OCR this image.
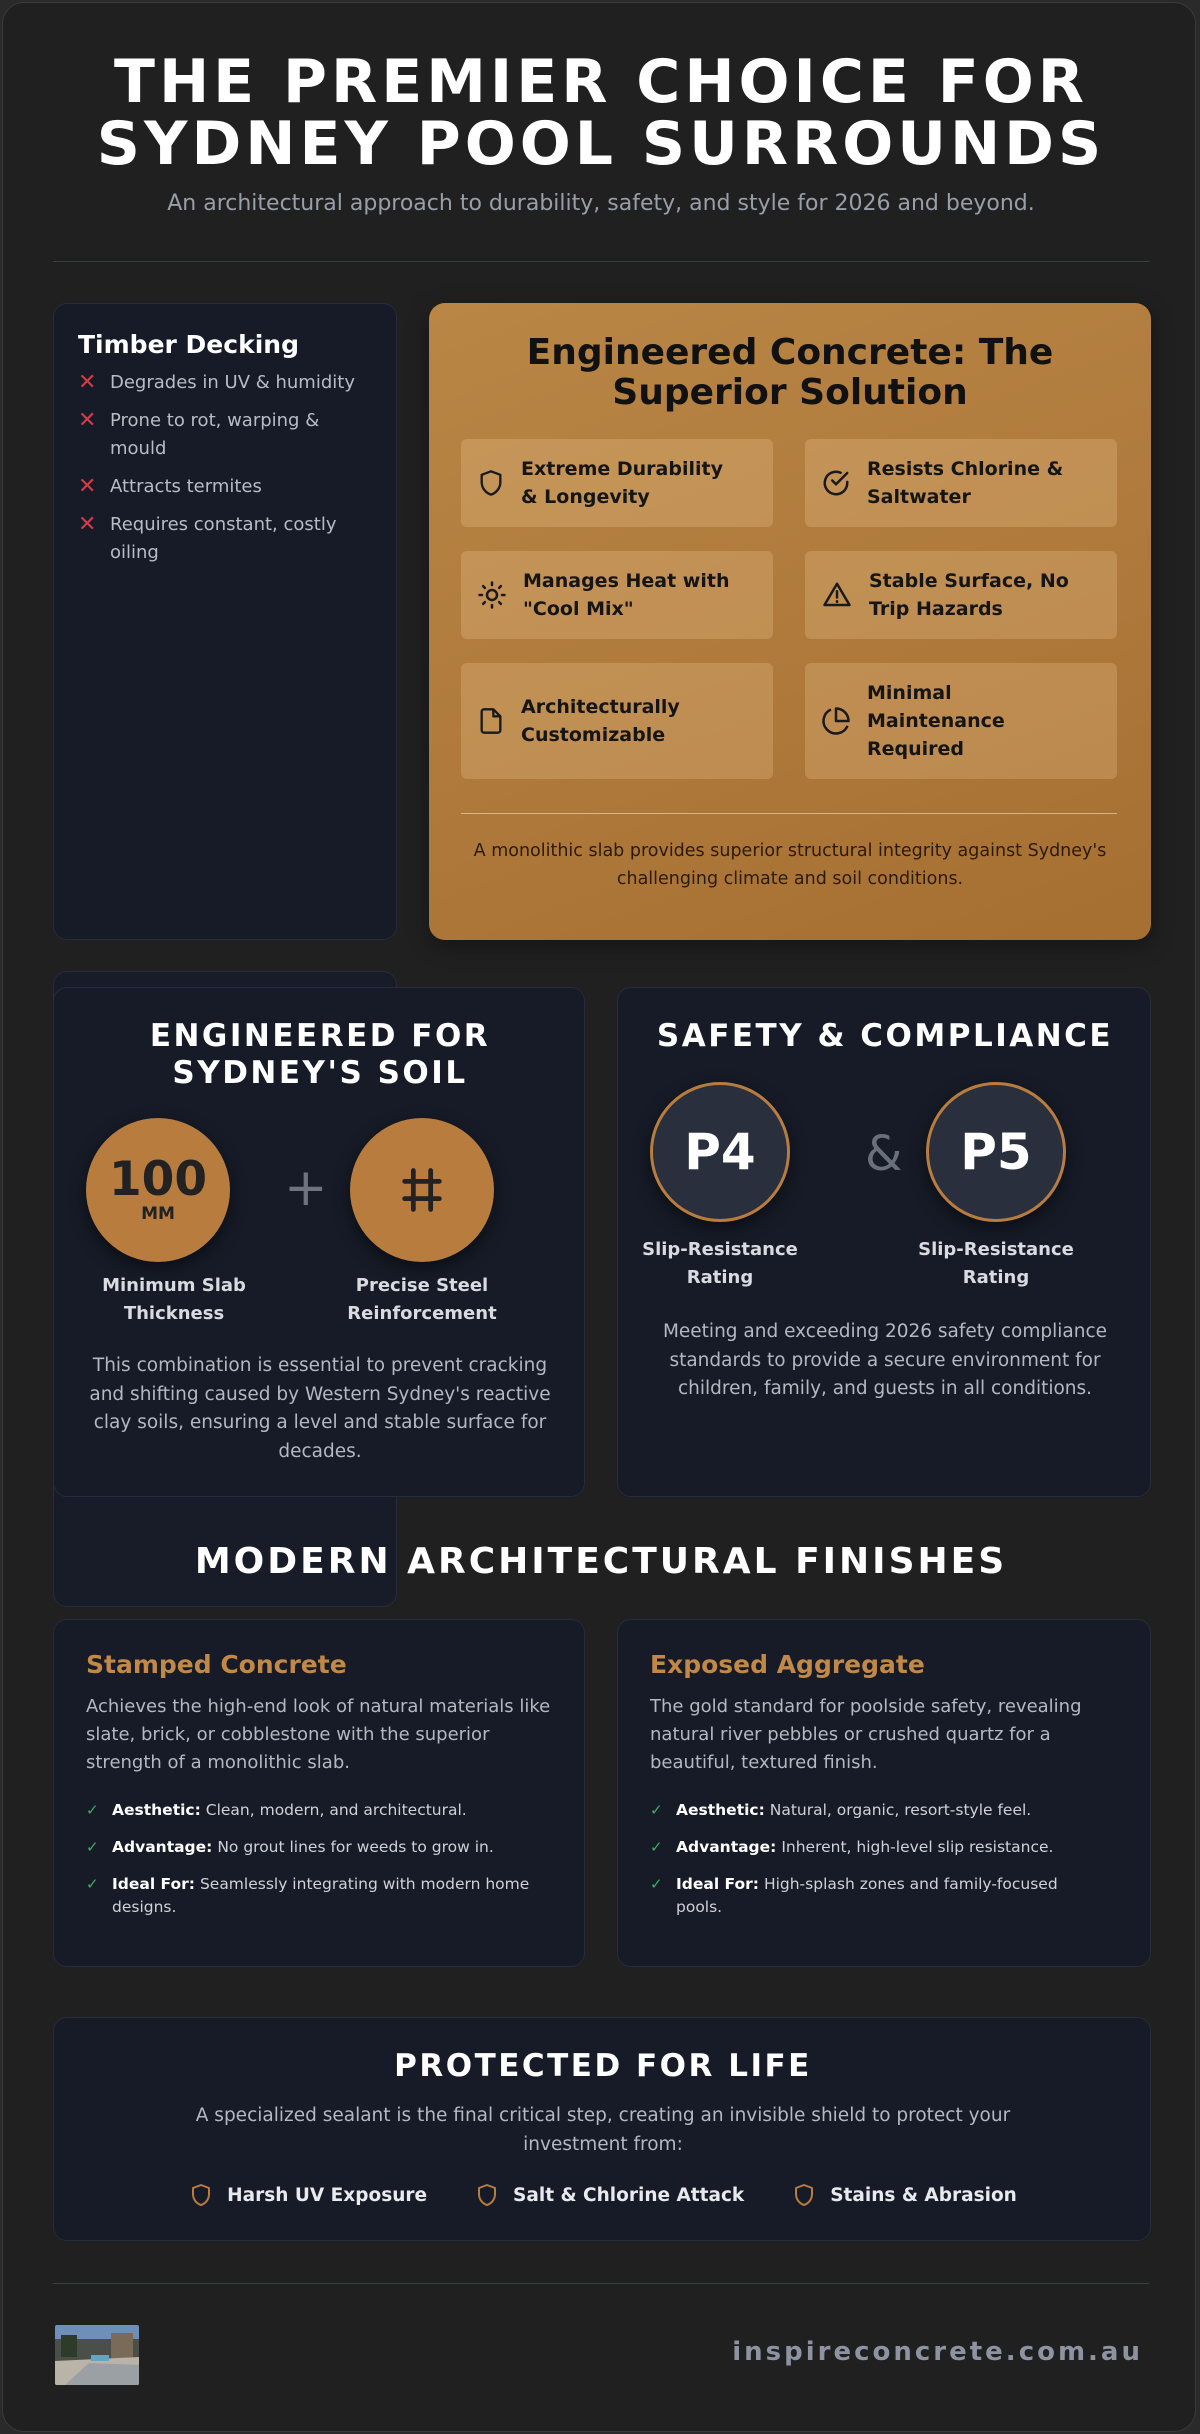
THE PREMIER CHOICE FOR
SYDNEY POOL SURROUNDS
An architectural approach to durability, safety, and style for 2026 and beyond.
Timber Decking
✕ Degrades in UV & humidity
✕ Prone to rot, warping &
mould
✕ Attracts termites
✕ Requires constant, costly
oiling
Engineered Concrete: The
Superior Solution
Extreme Durability
& Longevity
Resists Chlorine &
Saltwater
Manages Heat with
"Cool Mix"
Stable Surface, No
Trip Hazards
Architecturally
Customizable
Minimal
Maintenance
Required
A monolithic slab provides superior structural integrity against Sydney's
challenging climate and soil conditions.
ENGINEERED FOR
SYDNEY'S SOIL
100
MM +
Minimum Slab
Thickness
Precise Steel
Reinforcement
This combination is essential to prevent cracking
and shifting caused by Western Sydney's reactive
clay soils, ensuring a level and stable surface for
decades.
SAFETY & COMPLIANCE
P4	&	P5
Slip-Resistance
Rating
Slip-Resistance
Rating
Meeting and exceeding 2026 safety compliance
standards to provide a secure environment for
children, family, and guests in all conditions.
MODERN ARCHITECTURAL FINISHES
Stamped Concrete
Achieves the high-end look of natural materials like
slate, brick, or cobblestone with the superior
strength of a monolithic slab.
✓ Aesthetic: Clean, modern, and architectural.
✓ Advantage: No grout lines for weeds to grow in.
✓ Ideal For: Seamlessly integrating with modern home
designs.
Exposed Aggregate
The gold standard for poolside safety, revealing
natural river pebbles or crushed quartz for a
beautiful, textured finish.
✓ Aesthetic: Natural, organic, resort-style feel.
✓ Advantage: Inherent, high-level slip resistance.
✓ Ideal For: High-splash zones and family-focused
pools.
PROTECTED FOR LIFE
A specialized sealant is the final critical step, creating an invisible shield to protect your
investment from:
Harsh UV Exposure	Salt & Chlorine Attack	Stains & Abrasion
inspireconcrete.com.au
